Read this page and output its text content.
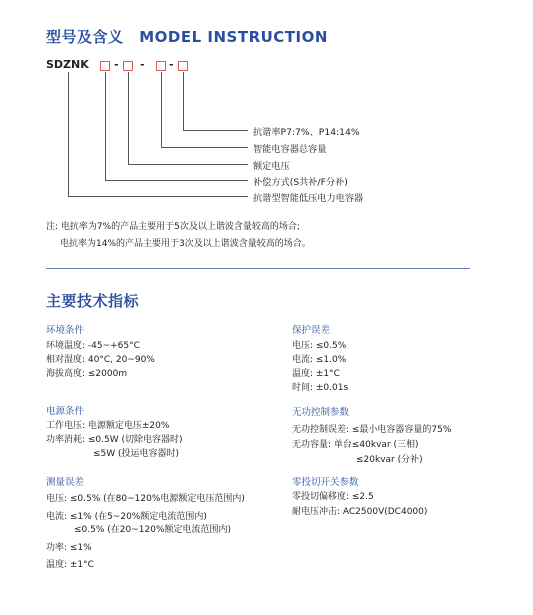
型号及含义 MODEL INSTRUCTION
SDZNK - - -
抗谐率P7:7%、P14:14%
智能电容器总容量
额定电压
补偿方式(S共补/F分补)
抗谐型智能低压电力电容器
注: 电抗率为7%的产品主要用于5次及以上谐波含量较高的场合;
电抗率为14%的产品主要用于3次及以上谐波含量较高的场合。
主要技术指标
环境条件
环境温度: -45~+65°C
相对湿度: 40°C, 20~90%
海拔高度: ≤2000m
电源条件
工作电压: 电源额定电压±20%
功率消耗: ≤0.5W (切除电容器时)
≤5W (投运电容器时)
测量误差
电压: ≤0.5% (在80~120%电源额定电压范围内)
电流: ≤1% (在5~20%额定电流范围内)
≤0.5% (在20~120%额定电流范围内)
功率: ≤1%
温度: ±1°C
保护误差
电压: ≤0.5%
电流: ≤1.0%
温度: ±1°C
时间: ±0.01s
无功控制参数
无功控制误差: ≤最小电容器容量的75%
无功容量: 单台≤40kvar (三相)
≤20kvar (分补)
零投切开关参数
零投切偏移度: ≤2.5
耐电压冲击: AC2500V(DC4000)
